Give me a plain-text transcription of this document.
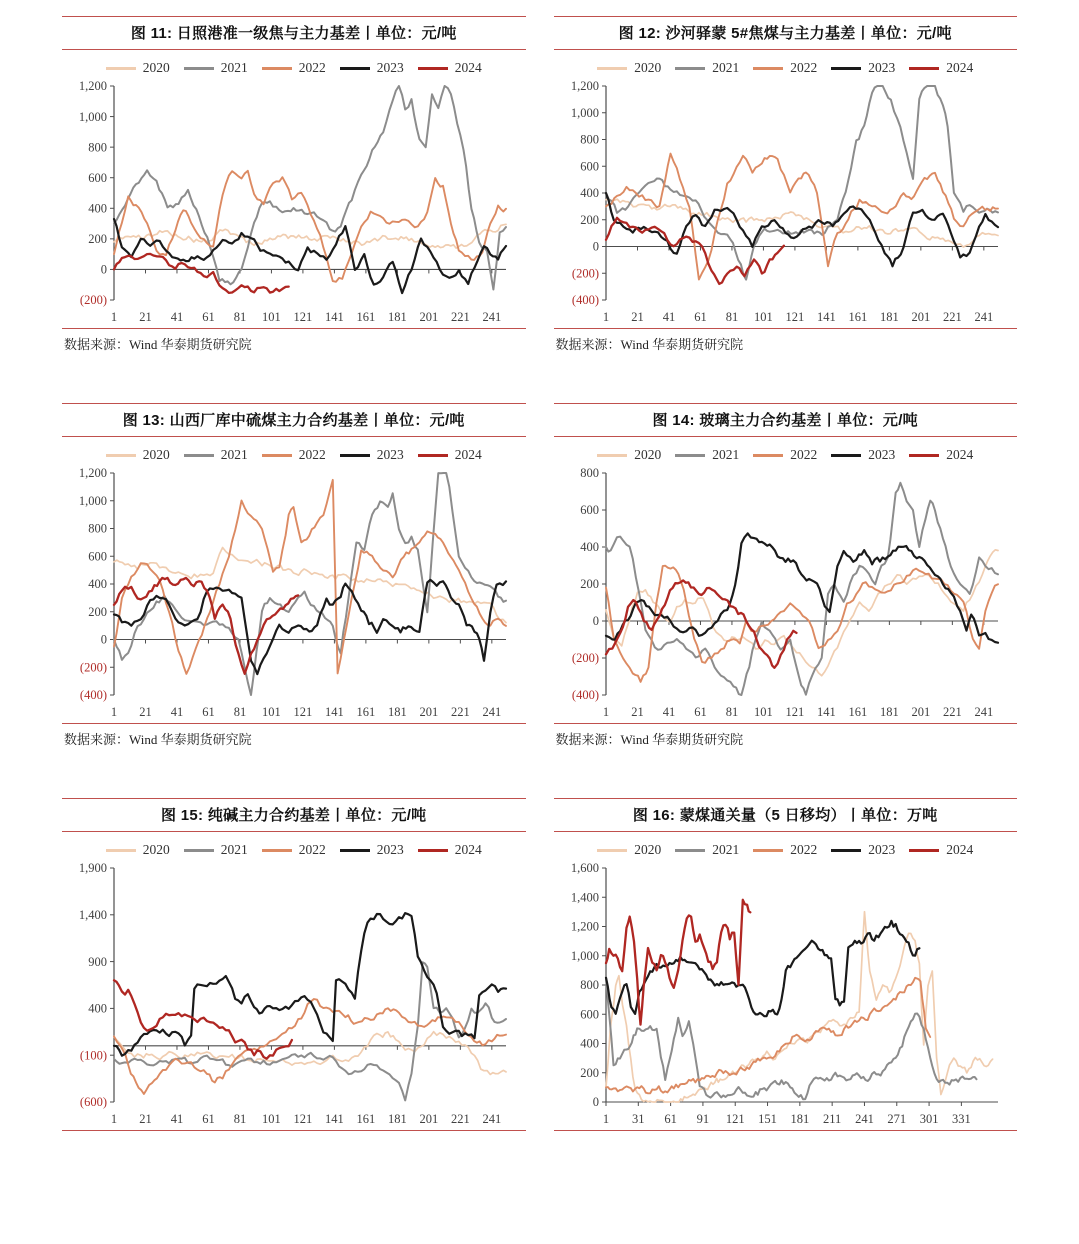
图 11: 日照港准一级焦与主力基差丨单位：元/吨
2020	2021	2022	2023	2024
(200)
0
200
400
600
800
1,000
1,200
1 21 41 61 81 101 121 141 161 181 201 221 241
数据来源：Wind 华泰期货研究院
图 12: 沙河驿蒙 5#焦煤与主力基差丨单位：元/吨
2020	2021	2022	2023	2024
(400)
(200)
0
200
400
600
800
1,000
1,200
1 21 41 61 81 101 121 141 161 181 201 221 241
数据来源：Wind 华泰期货研究院
图 13: 山西厂库中硫煤主力合约基差丨单位：元/吨
2020	2021	2022	2023	2024
(400)
(200)
0
200
400
600
800
1,000
1,200
1 21 41 61 81 101 121 141 161 181 201 221 241
数据来源：Wind 华泰期货研究院
图 14: 玻璃主力合约基差丨单位：元/吨
2020	2021	2022	2023	2024
(400)
(200)
0
200
400
600
800
1 21 41 61 81 101 121 141 161 181 201 221 241
数据来源：Wind 华泰期货研究院
图 15: 纯碱主力合约基差丨单位：元/吨
2020	2021	2022	2023	2024
(600)
(100)
400
900
1,400
1,900
1 21 41 61 81 101 121 141 161 181 201 221 241
图 16: 蒙煤通关量（5 日移均）丨单位：万吨
2020	2021	2022	2023	2024
0
200
400
600
800
1,000
1,200
1,400
1,600
1 31 61 91 121 151 181 211 241 271 301 331
